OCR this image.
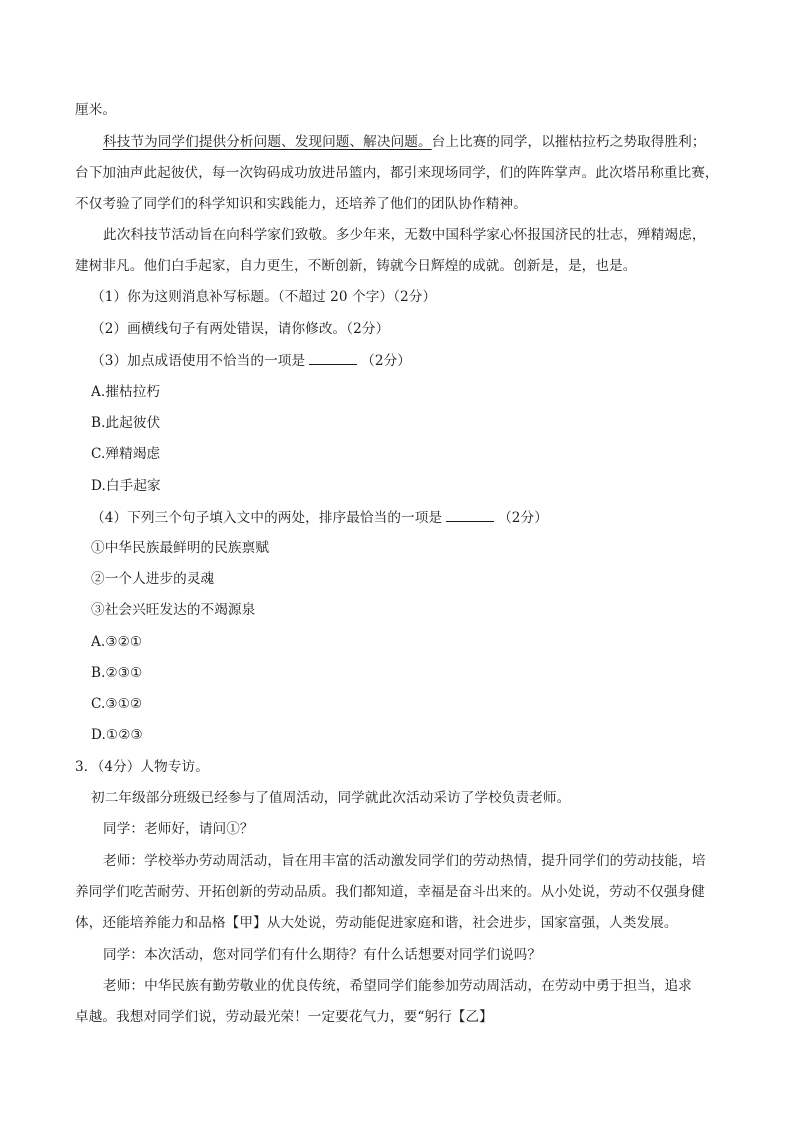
厘米。
科技节为同学们提供分析问题、发现问题、解决问题。台上比赛的同学，以摧枯拉朽之势取得胜利；
台下加油声此起彼伏，每一次钩码成功放进吊篮内，都引来现场同学，们的阵阵掌声。此次塔吊称重比赛，
不仅考验了同学们的科学知识和实践能力，还培养了他们的团队协作精神。
此次科技节活动旨在向科学家们致敬。多少年来，无数中国科学家心怀报国济民的壮志，殚精竭虑，
建树非凡。他们白手起家，自力更生，不断创新，铸就今日辉煌的成就。创新是，是，也是。
（1）你为这则消息补写标题。（不超过 20 个字）（2分）
（2）画横线句子有两处错误，请你修改。（2分）
（3）加点成语使用不恰当的一项是	（2分）
A.摧枯拉朽
B.此起彼伏
C.殚精竭虑
D.白手起家
（4）下列三个句子填入文中的两处，排序最恰当的一项是	（2分）
①中华民族最鲜明的民族禀赋
②一个人进步的灵魂
③社会兴旺发达的不竭源泉
A.③②①
B.②③①
C.③①②
D.①②③
3．（4分）人物专访。
初二年级部分班级已经参与了值周活动，同学就此次活动采访了学校负责老师。
同学：老师好，请问①？
老师：学校举办劳动周活动，旨在用丰富的活动激发同学们的劳动热情，提升同学们的劳动技能，培
养同学们吃苦耐劳、开拓创新的劳动品质。我们都知道，幸福是奋斗出来的。从小处说，劳动不仅强身健
体，还能培养能力和品格【甲】从大处说，劳动能促进家庭和谐，社会进步，国家富强，人类发展。
同学：本次活动，您对同学们有什么期待？有什么话想要对同学们说吗？
老师：中华民族有勤劳敬业的优良传统，希望同学们能参加劳动周活动，在劳动中勇于担当，追求
卓越。我想对同学们说，劳动最光荣！一定要花气力，要“躬行【乙】
